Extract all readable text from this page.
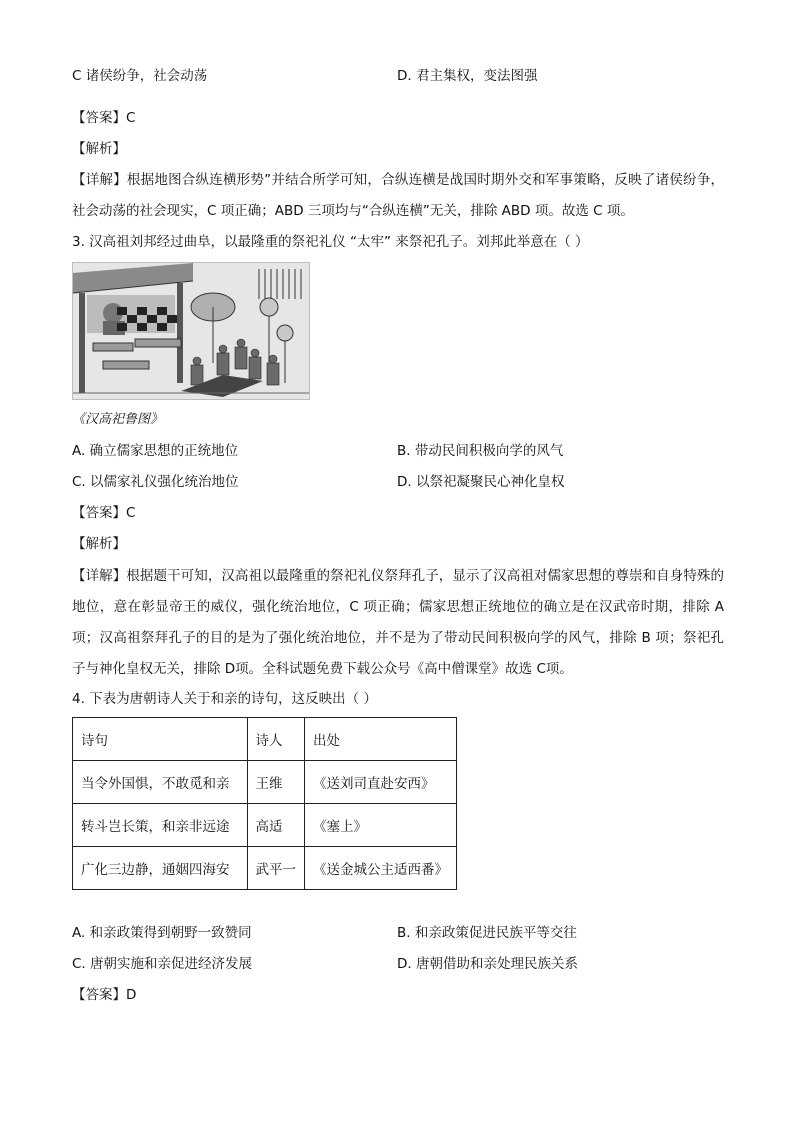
C 诸侯纷争，社会动荡	D. 君主集权，变法图强
【答案】C
【解析】
【详解】根据地图合纵连横形势”并结合所学可知，合纵连横是战国时期外交和军事策略，反映了诸侯纷争，社会动荡的社会现实，C 项正确；ABD 三项均与“合纵连横”无关，排除 ABD 项。故选 C 项。
3. 汉高祖刘邦经过曲阜，以最隆重的祭祀礼仪 “太牢” 来祭祀孔子。刘邦此举意在（ ）
《汉高祀鲁图》
A. 确立儒家思想的正统地位	B. 带动民间积极向学的风气
C. 以儒家礼仪强化统治地位	D. 以祭祀凝聚民心神化皇权
【答案】C
【解析】
【详解】根据题干可知，汉高祖以最隆重的祭祀礼仪祭拜孔子，显示了汉高祖对儒家思想的尊崇和自身特殊的地位，意在彰显帝王的威仪，强化统治地位，C 项正确；儒家思想正统地位的确立是在汉武帝时期，排除 A项；汉高祖祭拜孔子的目的是为了强化统治地位，并不是为了带动民间积极向学的风气，排除 B 项；祭祀孔子与神化皇权无关，排除 D项。全科试题免费下载公众号《高中僧课堂》故选 C项。
4. 下表为唐朝诗人关于和亲的诗句，这反映出（ ）
诗句	诗人	出处
当令外国惧，不敢觅和亲	王维	《送刘司直赴安西》
转斗岂长策，和亲非远途	高适	《塞上》
广化三边静，通姻四海安	武平一	《送金城公主适西番》
A. 和亲政策得到朝野一致赞同	B. 和亲政策促进民族平等交往
C. 唐朝实施和亲促进经济发展	D. 唐朝借助和亲处理民族关系
【答案】D
